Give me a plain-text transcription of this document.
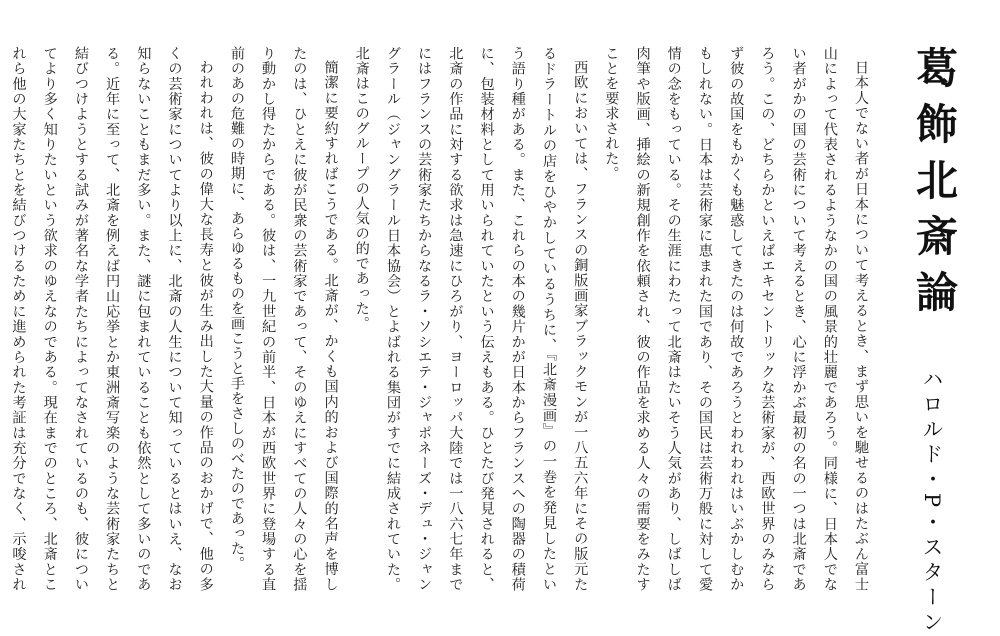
葛飾北斎論
ハロルド・P・スターン

日本人でない者が日本について考えるとき、まず思いを馳せるのはたぶん富士山によって代表されるようなかの国の風景的壮麗であろう。同様に、日本人でない者がかの国の芸術について考えるとき、心に浮かぶ最初の名の一つは北斎であろう。この、どちらかといえばエキセントリックな芸術家が、西欧世界のみならず彼の故国をもかくも魅惑してきたのは何故であろうとわれわれはいぶかしむかもしれない。日本は芸術家に恵まれた国であり、その国民は芸術万般に対して愛情の念をもっている。その生涯にわたって北斎はたいそう人気があり、しばしば肉筆や版画、挿絵の新規創作を依頼され、彼の作品を求める人々の需要をみたすことを要求された。

西欧においては、フランスの銅版画家ブラックモンが一八五六年にその版元たるドラートルの店をひやかしているうちに、『北斎漫画』の一巻を発見したという語り種がある。また、これらの本の幾片かが日本からフランスへの陶器の積荷に、包装材料として用いられていたという伝えもある。ひとたび発見されると、北斎の作品に対する欲求は急速にひろがり、ヨーロッパ大陸では一八六七年までにはフランスの芸術家たちからなるラ・ソシエテ・ジャポネーズ・デュ・ジャングラール（ジャングラール日本協会）とよばれる集団がすでに結成されていた。北斎はこのグループの人気の的であった。

簡潔に要約すればこうである。北斎が、かくも国内的および国際的名声を博したのは、ひとえに彼が民衆の芸術家であって、そのゆえにすべての人々の心を揺り動かし得たからである。彼は、一九世紀の前半、日本が西欧世界に登場する直前のあの危難の時期に、あらゆるものを画こうと手をさしのべたのであった。

われわれは、彼の偉大な長寿と彼が生み出した大量の作品のおかげで、他の多くの芸術家についてより以上に、北斎の人生について知っているとはいえ、なお知らないこともまだ多い。また、謎に包まれていることも依然として多いのである。近年に至って、北斎を例えば円山応挙とか東洲斎写楽のような芸術家たちと結びつけようとする試みが著名な学者たちによってなされているのも、彼についてより多く知りたいという欲求のゆえなのである。現在までのところ、北斎とこれら他の大家たちとを結びつけるために進められた考証は充分でなく、示唆され
